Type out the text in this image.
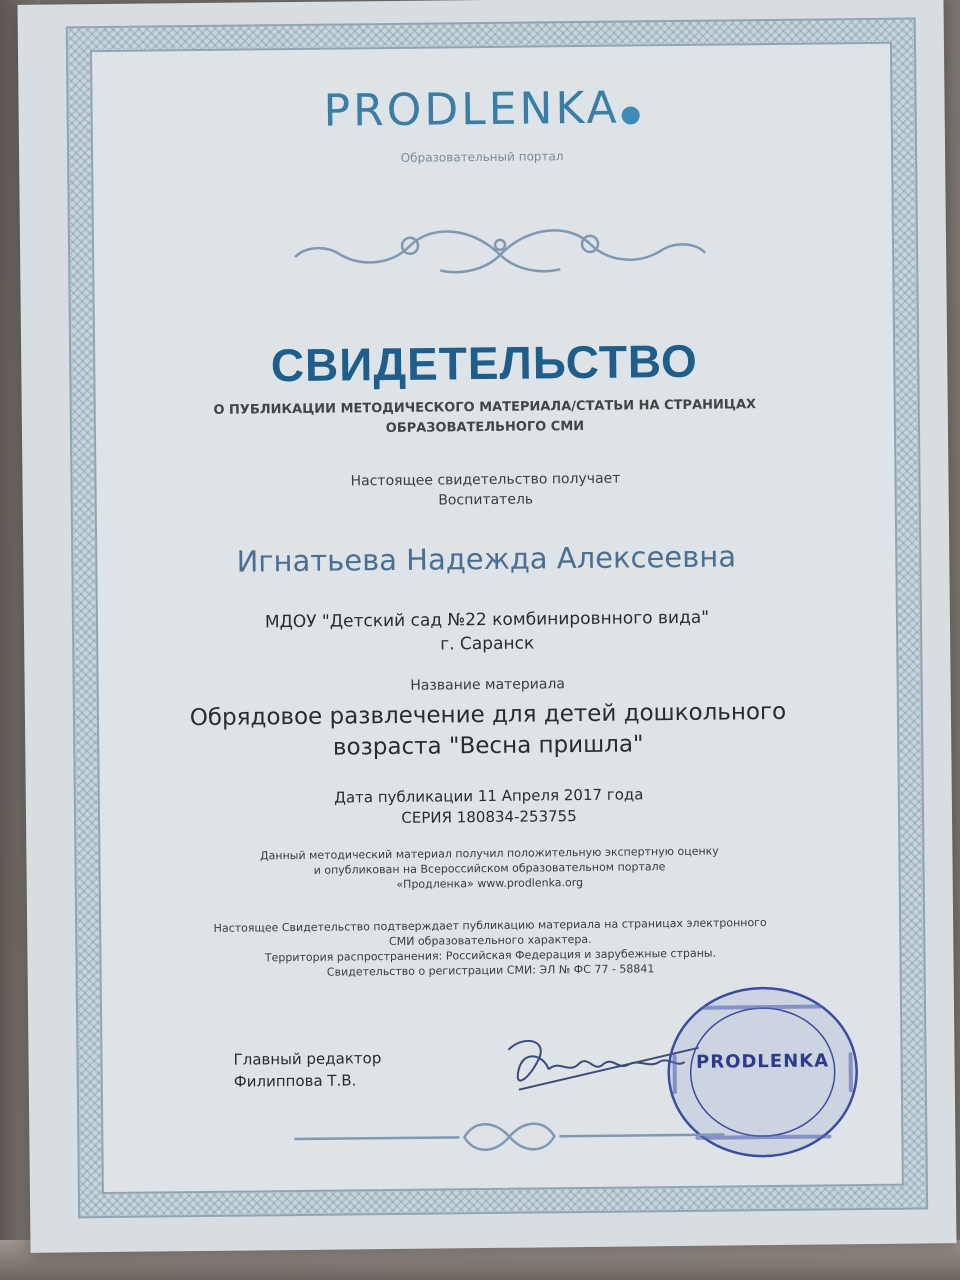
PRODLENKA
Образовательный портал
СВИДЕТЕЛЬСТВО
О ПУБЛИКАЦИИ МЕТОДИЧЕСКОГО МАТЕРИАЛА/СТАТЬИ НА СТРАНИЦАХ
ОБРАЗОВАТЕЛЬНОГО СМИ
Настоящее свидетельство получает
Воспитатель
Игнатьева Надежда Алексеевна
МДОУ "Детский сад №22 комбинировнного вида"
г. Саранск
Название материала
Обрядовое развлечение для детей дошкольного
возраста "Весна пришла"
Дата публикации 11 Апреля 2017 года
СЕРИЯ 180834-253755
Данный методический материал получил положительную экспертную оценку
и опубликован на Всероссийском образовательном портале
«Продленка» www.prodlenka.org
Настоящее Свидетельство подтверждает публикацию материала на страницах электронного
СМИ образовательного характера.
Территория распространения: Российская Федерация и зарубежные страны.
Свидетельство о регистрации СМИ: ЭЛ № ФС 77 - 58841
Главный редактор
Филиппова Т.В.
PRODLENKA
